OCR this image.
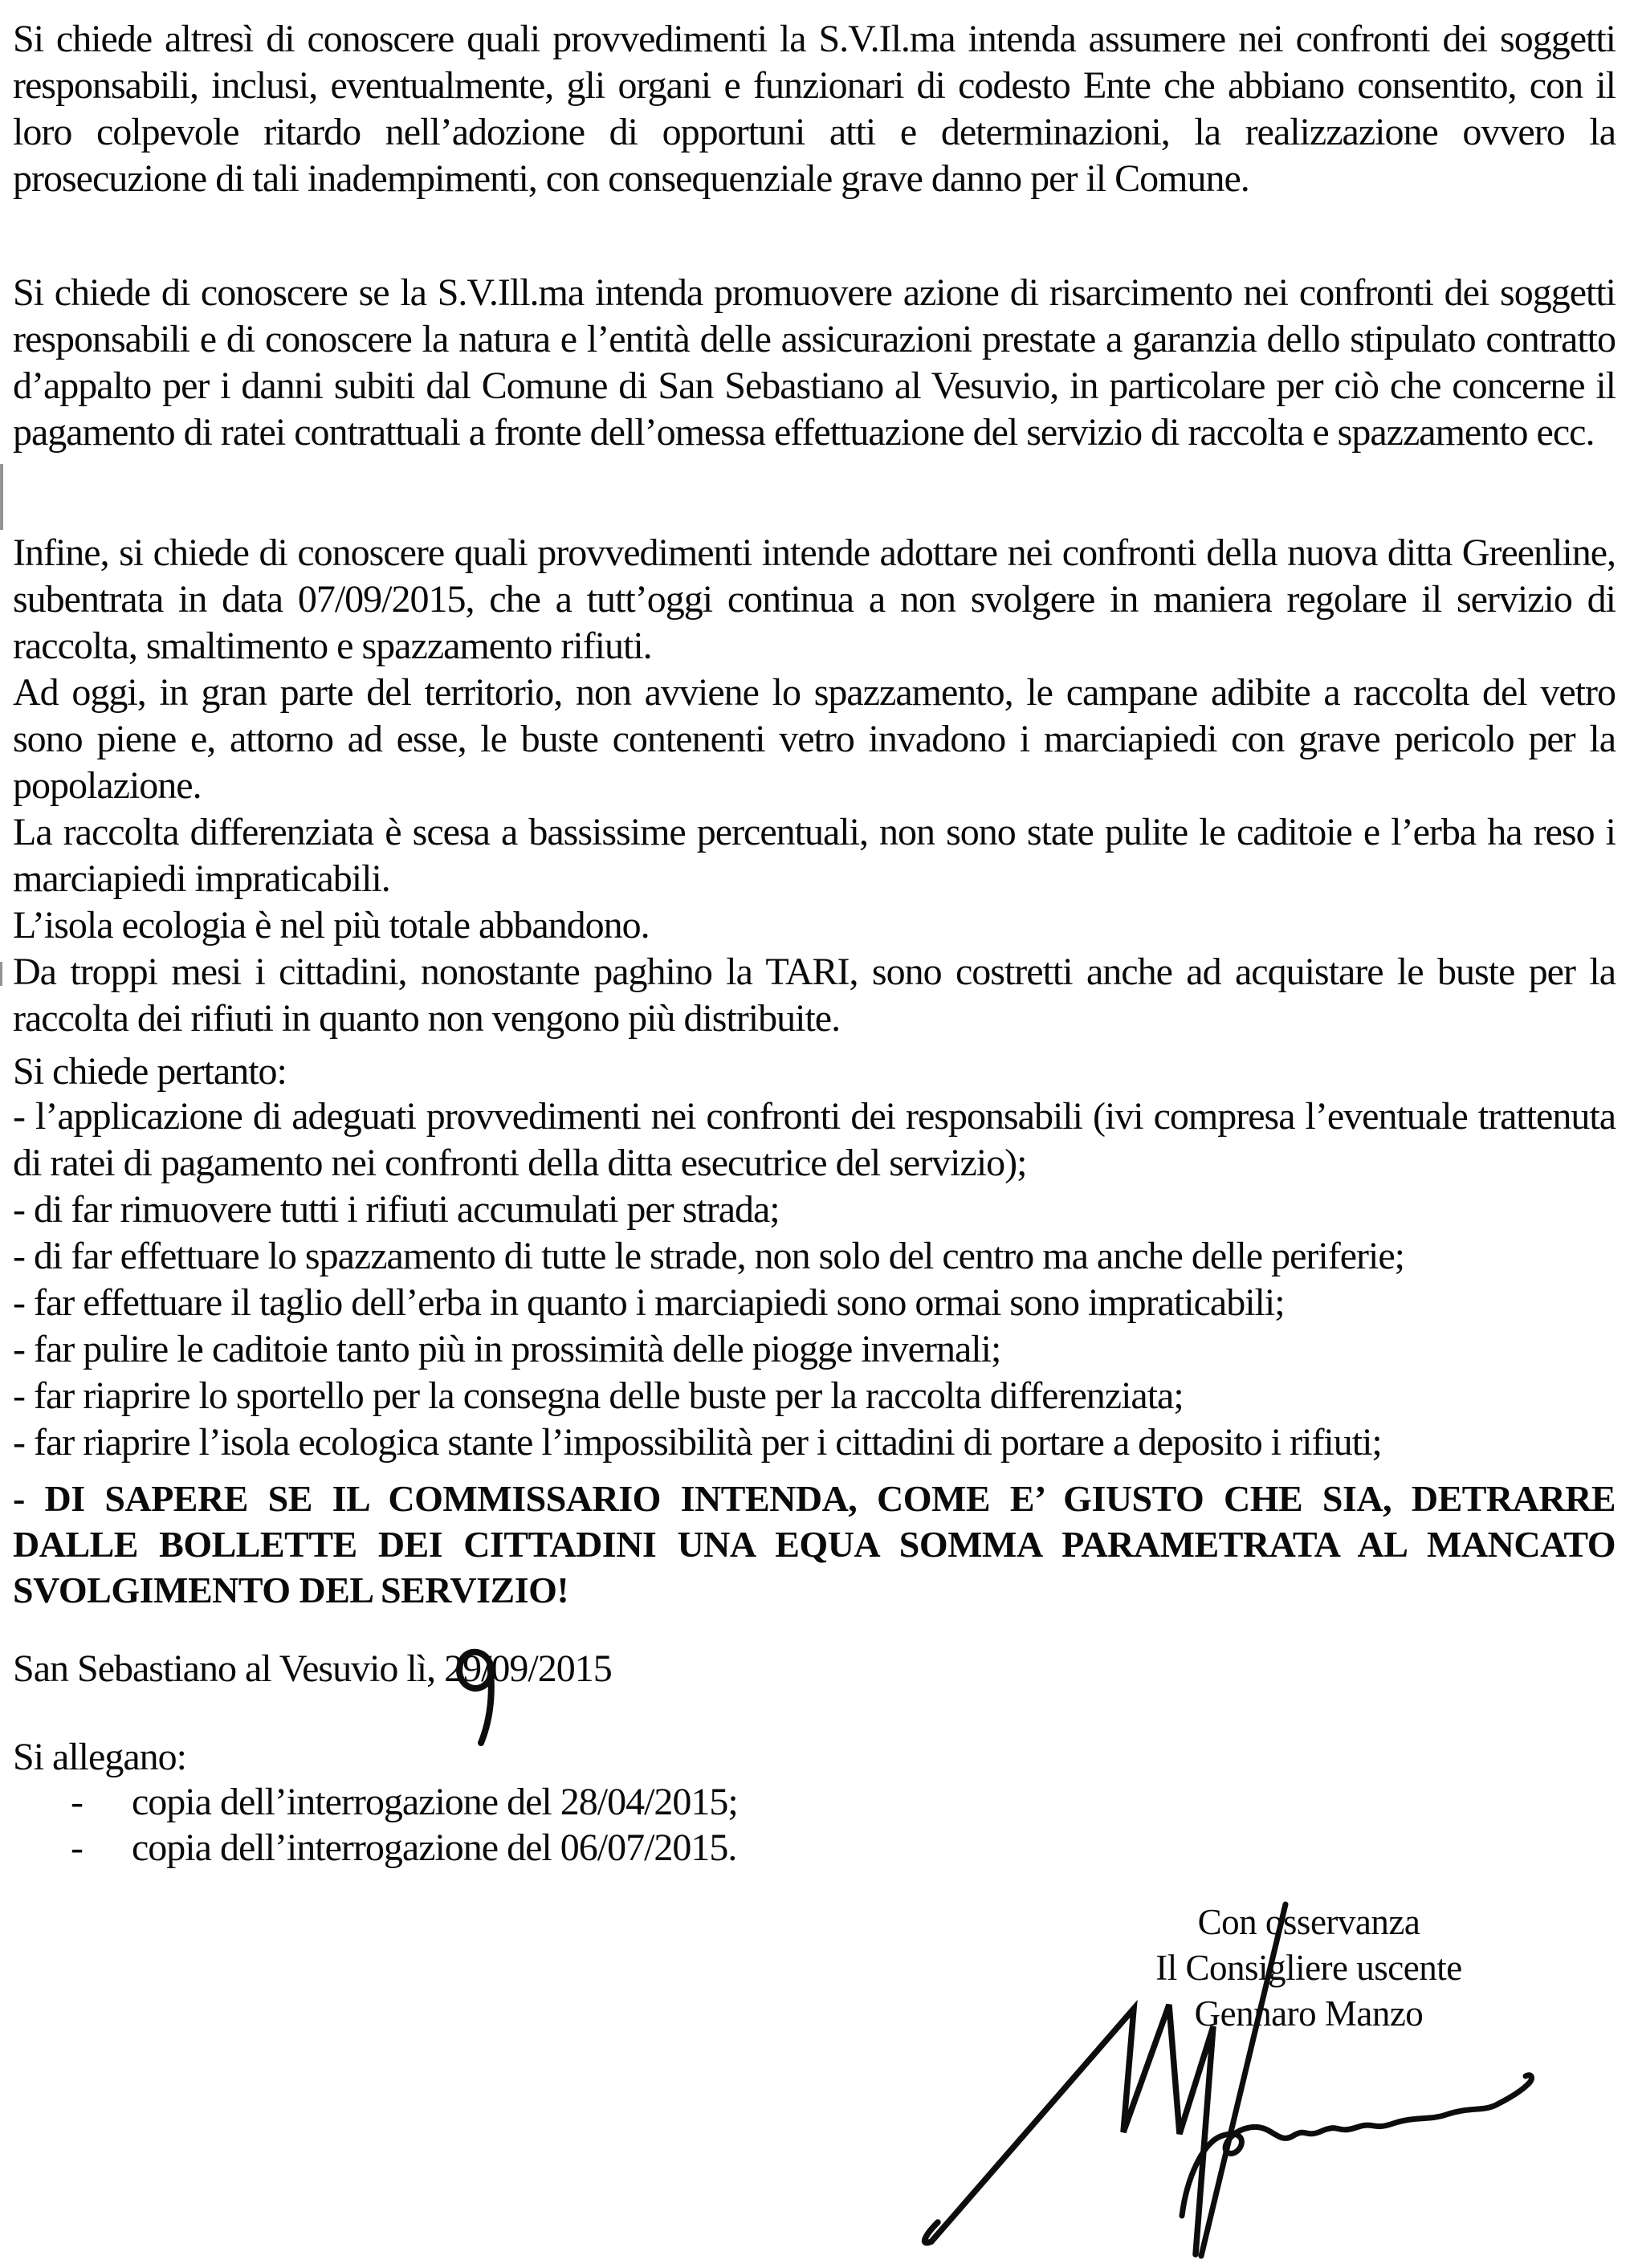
Si chiede altresì di conoscere quali provvedimenti la S.V.Il.ma intenda assumere nei confronti dei soggetti responsabili, inclusi, eventualmente, gli organi e funzionari di codesto Ente che abbiano consentito, con il loro colpevole ritardo nell’adozione di opportuni atti e determinazioni, la realizzazione ovvero la prosecuzione di tali inadempimenti, con consequenziale grave danno per il Comune.
Si chiede di conoscere se la S.V.Ill.ma intenda promuovere azione di risarcimento nei confronti dei soggetti responsabili e di conoscere la natura e l’entità delle assicurazioni prestate a garanzia dello stipulato contratto d’appalto per i danni subiti dal Comune di San Sebastiano al Vesuvio, in particolare per ciò che concerne il pagamento di ratei contrattuali a fronte dell’omessa effettuazione del servizio di raccolta e spazzamento ecc.

Infine, si chiede di conoscere quali provvedimenti intende adottare nei confronti della nuova ditta Greenline, subentrata in data 07/09/2015, che a tutt’oggi continua a non svolgere in maniera regolare il servizio di raccolta, smaltimento e spazzamento rifiuti.

Ad oggi, in gran parte del territorio, non avviene lo spazzamento, le campane adibite a raccolta del vetro sono piene e, attorno ad esse, le buste contenenti vetro invadono i marciapiedi con grave pericolo per la popolazione.

La raccolta differenziata è scesa a bassissime percentuali, non sono state pulite le caditoie e l’erba ha reso i marciapiedi impraticabili.

L’isola ecologia è nel più totale abbandono.

Da troppi mesi i cittadini, nonostante paghino la TARI, sono costretti anche ad acquistare le buste per la raccolta dei rifiuti in quanto non vengono più distribuite.

Si chiede pertanto:

- l’applicazione di adeguati provvedimenti nei confronti dei responsabili (ivi compresa l’eventuale trattenuta di ratei di pagamento nei confronti della ditta esecutrice del servizio);

- di far rimuovere tutti i rifiuti accumulati per strada;

- di far effettuare lo spazzamento di tutte le strade, non solo del centro ma anche delle periferie;

- far effettuare il taglio dell’erba in quanto i marciapiedi sono ormai sono impraticabili;

- far pulire le caditoie tanto più in prossimità delle piogge invernali;

- far riaprire lo sportello per la consegna delle buste per la raccolta differenziata;

- far riaprire l’isola ecologica stante l’impossibilità per i cittadini di portare a deposito i rifiuti;

- DI SAPERE SE IL COMMISSARIO INTENDA, COME E’ GIUSTO CHE SIA, DETRARRE DALLE BOLLETTE DEI CITTADINI UNA EQUA SOMMA PARAMETRATA AL MANCATO SVOLGIMENTO DEL SERVIZIO!
San Sebastiano al Vesuvio lì, 29
/09/2015
Si allegano:
-	copia dell’interrogazione del 28/04/2015;
-	copia dell’interrogazione del 06/07/2015.

Con osservanza

Il Consigliere uscente

Gennaro Manzo
